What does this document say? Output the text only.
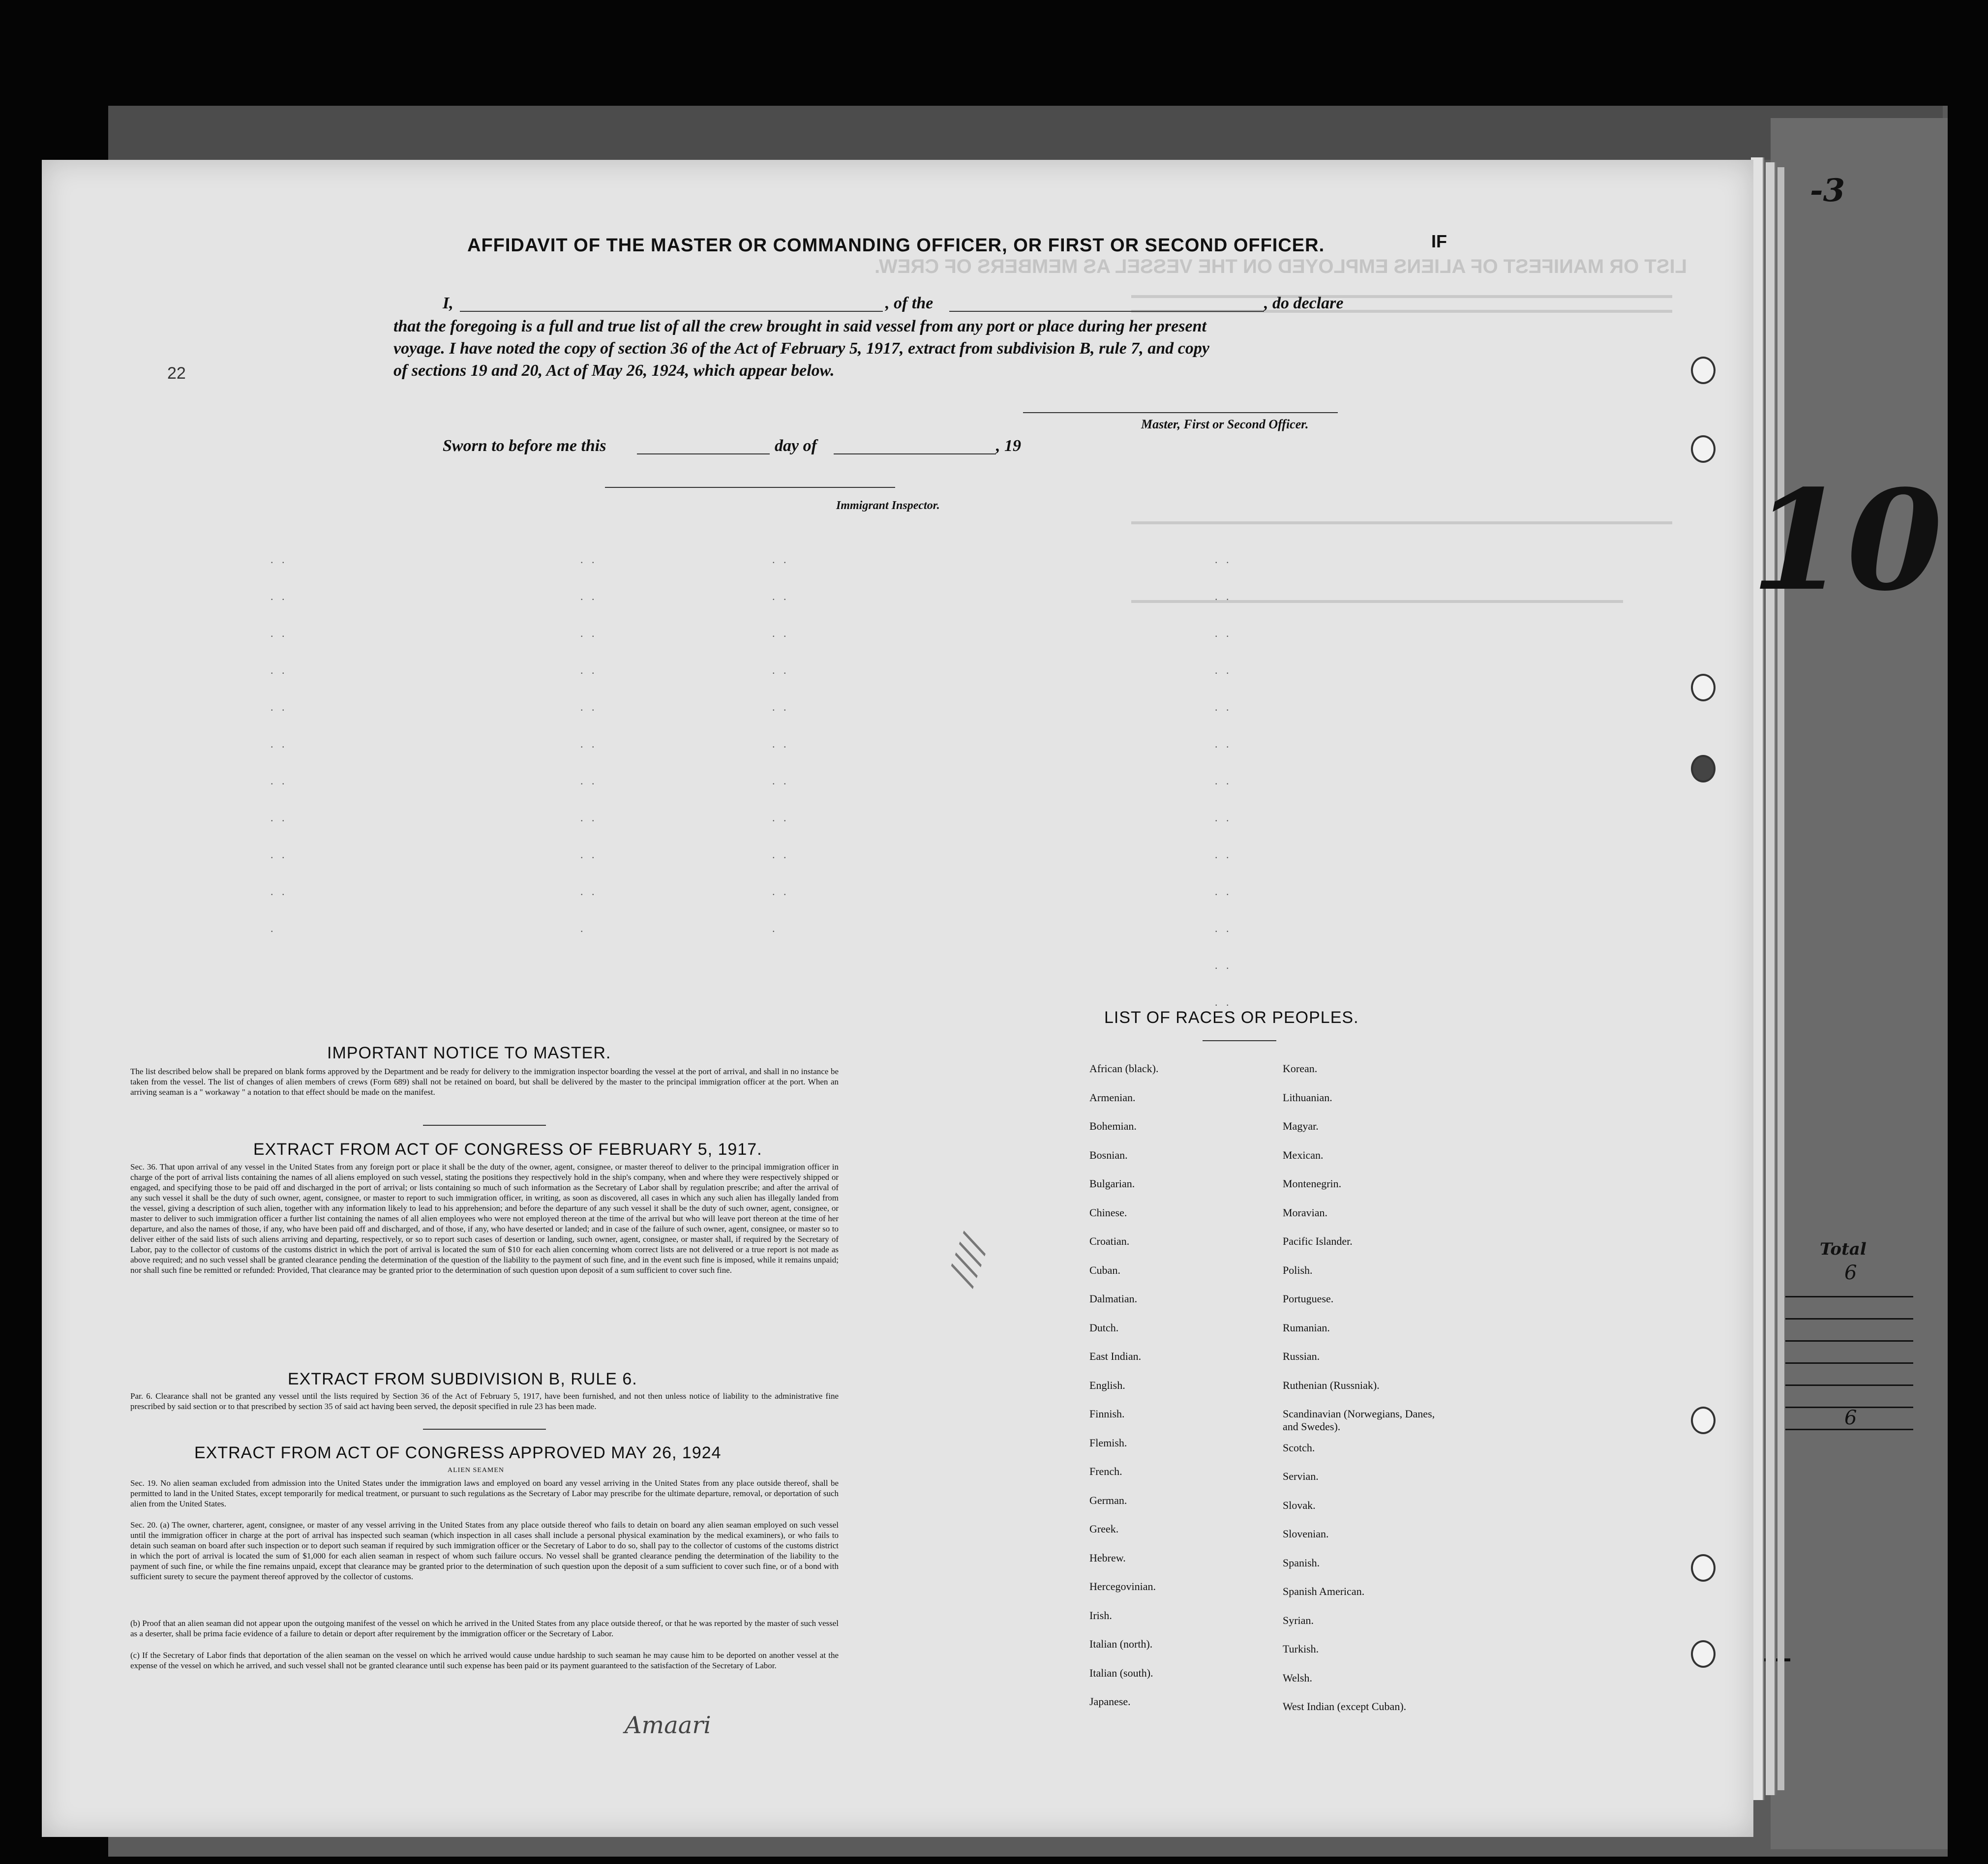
Total
6
6
LIST OR MANIFEST OF ALIENS EMPLOYED ON THE VESSEL AS MEMBERS OF CREW.
-3
10
IF
22
AFFIDAVIT OF THE MASTER OR COMMANDING OFFICER, OR FIRST OR SECOND OFFICER.
I,	, of the	, do declare
that the foregoing is a full and true list of all the crew brought in said vessel from any port or place during her present
voyage. I have noted the copy of section 36 of the Act of February 5, 1917, extract from subdivision B, rule 7, and copy
of sections 19 and 20, Act of May 26, 1924, which appear below.
Master, First or Second Officer.
Sworn to before me this	day of	, 19
Immigrant Inspector.
. . . . . . . . . . . . . . . . . . . . .
. . . . . . . . . . . . . . . . . . . . .
. . . . . . . . . . . . . . . . . . . . .
. . . . . . . . . . . . . . . . . . . . . . . . . .
IMPORTANT NOTICE TO MASTER.
The list described below shall be prepared on blank forms approved by the Department and be ready for delivery to the immigration inspector boarding the vessel at the port of arrival, and shall in no instance be taken from the vessel. The list of changes of alien members of crews (Form 689) shall not be retained on board, but shall be delivered by the master to the principal immigration officer at the port. When an arriving seaman is a " workaway " a notation to that effect should be made on the manifest.
EXTRACT FROM ACT OF CONGRESS OF FEBRUARY 5, 1917.
Sec. 36. That upon arrival of any vessel in the United States from any foreign port or place it shall be the duty of the owner, agent, consignee, or master thereof to deliver to the principal immigration officer in charge of the port of arrival lists containing the names of all aliens employed on such vessel, stating the positions they respectively hold in the ship's company, when and where they were respectively shipped or engaged, and specifying those to be paid off and discharged in the port of arrival; or lists containing so much of such information as the Secretary of Labor shall by regulation prescribe; and after the arrival of any such vessel it shall be the duty of such owner, agent, consignee, or master to report to such immigration officer, in writing, as soon as discovered, all cases in which any such alien has illegally landed from the vessel, giving a description of such alien, together with any information likely to lead to his apprehension; and before the departure of any such vessel it shall be the duty of such owner, agent, consignee, or master to deliver to such immigration officer a further list containing the names of all alien employees who were not employed thereon at the time of the arrival but who will leave port thereon at the time of her departure, and also the names of those, if any, who have been paid off and discharged, and of those, if any, who have deserted or landed; and in case of the failure of such owner, agent, consignee, or master so to deliver either of the said lists of such aliens arriving and departing, respectively, or so to report such cases of desertion or landing, such owner, agent, consignee, or master shall, if required by the Secretary of Labor, pay to the collector of customs of the customs district in which the port of arrival is located the sum of $10 for each alien concerning whom correct lists are not delivered or a true report is not made as above required; and no such vessel shall be granted clearance pending the determination of the question of the liability to the payment of such fine, and in the event such fine is imposed, while it remains unpaid; nor shall such fine be remitted or refunded: Provided, That clearance may be granted prior to the determination of such question upon deposit of a sum sufficient to cover such fine.
EXTRACT FROM SUBDIVISION B, RULE 6.
Par. 6. Clearance shall not be granted any vessel until the lists required by Section 36 of the Act of February 5, 1917, have been furnished, and not then unless notice of liability to the administrative fine prescribed by said section or to that prescribed by section 35 of said act having been served, the deposit specified in rule 23 has been made.
EXTRACT FROM ACT OF CONGRESS APPROVED MAY 26, 1924
ALIEN SEAMEN
Sec. 19. No alien seaman excluded from admission into the United States under the immigration laws and employed on board any vessel arriving in the United States from any place outside thereof, shall be permitted to land in the United States, except temporarily for medical treatment, or pursuant to such regulations as the Secretary of Labor may prescribe for the ultimate departure, removal, or deportation of such alien from the United States.
Sec. 20. (a) The owner, charterer, agent, consignee, or master of any vessel arriving in the United States from any place outside thereof who fails to detain on board any alien seaman employed on such vessel until the immigration officer in charge at the port of arrival has inspected such seaman (which inspection in all cases shall include a personal physical examination by the medical examiners), or who fails to detain such seaman on board after such inspection or to deport such seaman if required by such immigration officer or the Secretary of Labor to do so, shall pay to the collector of customs of the customs district in which the port of arrival is located the sum of $1,000 for each alien seaman in respect of whom such failure occurs. No vessel shall be granted clearance pending the determination of the liability to the payment of such fine, or while the fine remains unpaid, except that clearance may be granted prior to the determination of such question upon the deposit of a sum sufficient to cover such fine, or of a bond with sufficient surety to secure the payment thereof approved by the collector of customs.
(b) Proof that an alien seaman did not appear upon the outgoing manifest of the vessel on which he arrived in the United States from any place outside thereof, or that he was reported by the master of such vessel as a deserter, shall be prima facie evidence of a failure to detain or deport after requirement by the immigration officer or the Secretary of Labor.
(c) If the Secretary of Labor finds that deportation of the alien seaman on the vessel on which he arrived would cause undue hardship to such seaman he may cause him to be deported on another vessel at the expense of the vessel on which he arrived, and such vessel shall not be granted clearance until such expense has been paid or its payment guaranteed to the satisfaction of the Secretary of Labor.
LIST OF RACES OR PEOPLES.
African (black).
Armenian.
Bohemian.
Bosnian.
Bulgarian.
Chinese.
Croatian.
Cuban.
Dalmatian.
Dutch.
East Indian.
English.
Finnish.
Flemish.
French.
German.
Greek.
Hebrew.
Hercegovinian.
Irish.
Italian (north).
Italian (south).
Japanese.
Korean.
Lithuanian.
Magyar.
Mexican.
Montenegrin.
Moravian.
Pacific Islander.
Polish.
Portuguese.
Rumanian.
Russian.
Ruthenian (Russniak).
Scandinavian (Norwegians, Danes, and Swedes).
Scotch.
Servian.
Slovak.
Slovenian.
Spanish.
Spanish American.
Syrian.
Turkish.
Welsh.
West Indian (except Cuban).
////
Amaari
